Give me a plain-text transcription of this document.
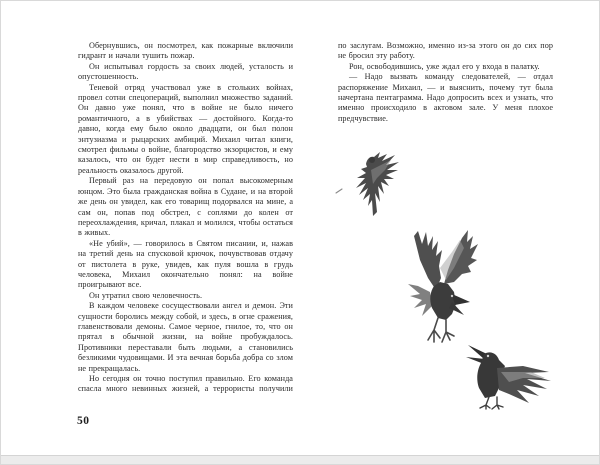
Обернувшись, он посмотрел, как пожарные включили гидрант и начали тушить пожар.

Он испытывал гордость за своих людей, усталость и опустошенность.

Теневой отряд участвовал уже в стольких войнах, провел сотни спецопераций, выполнил множество заданий. Он давно уже понял, что в войне не было ничего романтичного, а в убийствах — достойного. Когда-то давно, когда ему было около двадцати, он был полон энтузиазма и рыцарских амбиций. Михаил читал книги, смотрел фильмы о войне, благородство экзорцистов, и ему казалось, что он будет нести в мир справедливость, но реальность оказалось другой.

Первый раз на передовую он попал высокомерным юнцом. Это была гражданская война в Судане, и на второй же день он увидел, как его товарищ подорвался на мине, а сам он, попав под обстрел, с соплями до колен от переохлаждения, кричал, плакал и молился, чтобы остаться в живых.

«Не убий», — говорилось в Святом писании, и, нажав на третий день на спусковой крючок, почувствовав отдачу от пистолета в руке, увидев, как пуля вошла в грудь человека, Михаил окончательно понял: на войне проигрывают все.

Он утратил свою человечность.

В каждом человеке сосуществовали ангел и демон. Эти сущности боролись между собой, и здесь, в огне сражения, главенствовали демоны. Самое черное, гнилое, то, что он прятал в обычной жизни, на войне пробуждалось. Противники переставали быть людьми, а становились безликими чудовищами. И эта вечная борьба добра со злом не прекращалась.

Но сегодня он точно поступил правильно. Его команда спасла много невинных жизней, а террористы получили

50

по заслугам. Возможно, именно из-за этого он до сих пор не бросил эту работу.

Рон, освободившись, уже ждал его у входа в палатку.

— Надо вызвать команду следователей, — отдал распоряжение Михаил, — и выяснить, почему тут была начертана пентаграмма. Надо допросить всех и узнать, что именно происходило в актовом зале. У меня плохое предчувствие.
